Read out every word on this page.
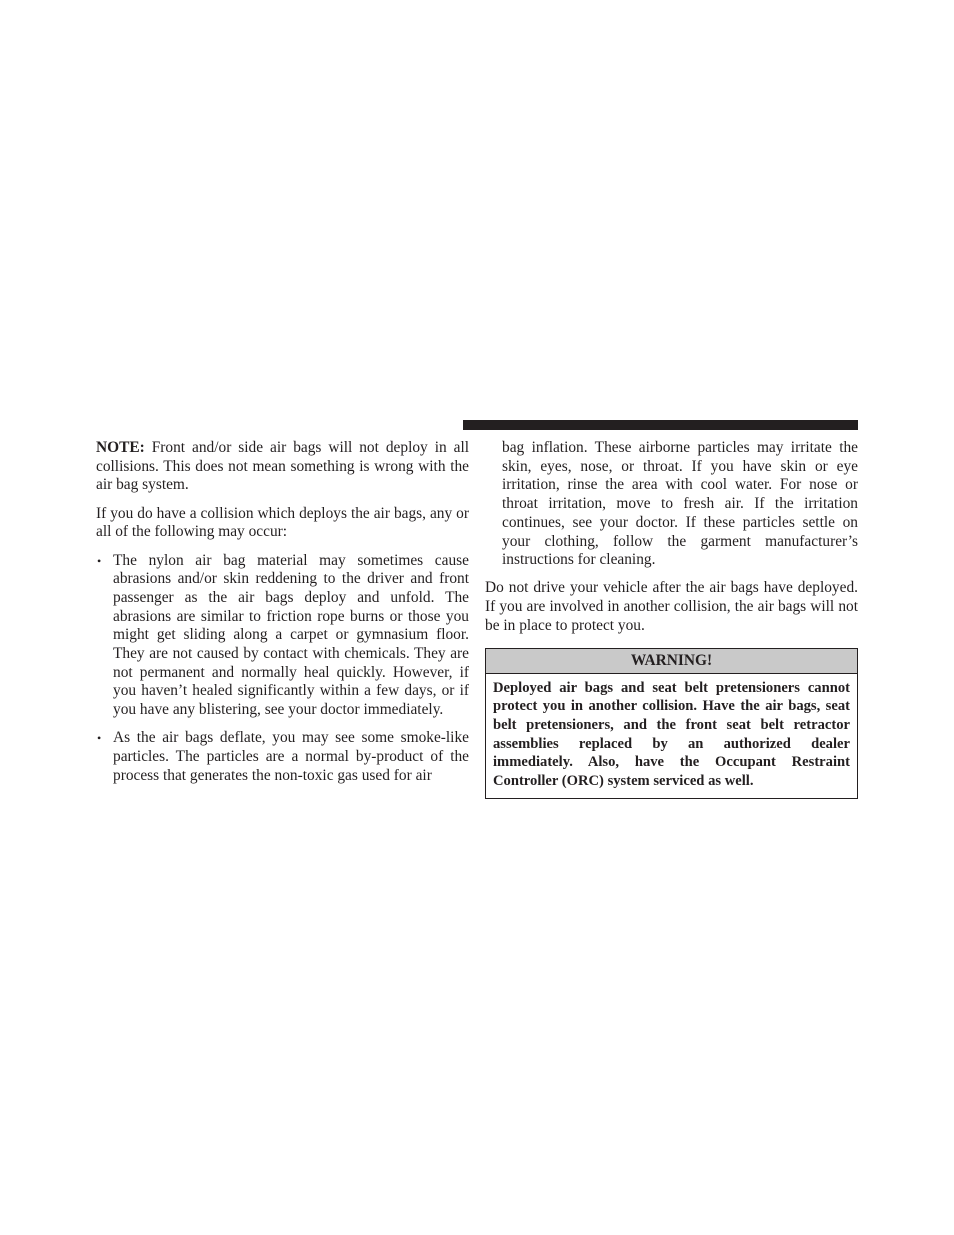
NOTE: Front and/or side air bags will not deploy in all collisions. This does not mean something is wrong with the air bag system.

If you do have a collision which deploys the air bags, any or all of the following may occur:

• The nylon air bag material may sometimes cause abrasions and/or skin reddening to the driver and front passenger as the air bags deploy and unfold. The abrasions are similar to friction rope burns or those you might get sliding along a carpet or gymnasium floor. They are not caused by contact with chemicals. They are not permanent and normally heal quickly. However, if you haven’t healed significantly within a few days, or if you have any blistering, see your doctor immediately.
• As the air bags deflate, you may see some smoke-like particles. The particles are a normal by-product of the process that generates the non-toxic gas used for air
bag inflation. These airborne particles may irritate the skin, eyes, nose, or throat. If you have skin or eye irritation, rinse the area with cool water. For nose or throat irritation, move to fresh air. If the irritation continues, see your doctor. If these particles settle on your clothing, follow the garment manufacturer’s instructions for cleaning.

Do not drive your vehicle after the air bags have deployed. If you are involved in another collision, the air bags will not be in place to protect you.

WARNING!
Deployed air bags and seat belt pretensioners cannot protect you in another collision. Have the air bags, seat belt pretensioners, and the front seat belt retractor assemblies replaced by an authorized dealer immediately. Also, have the Occupant Restraint Controller (ORC) system serviced as well.
